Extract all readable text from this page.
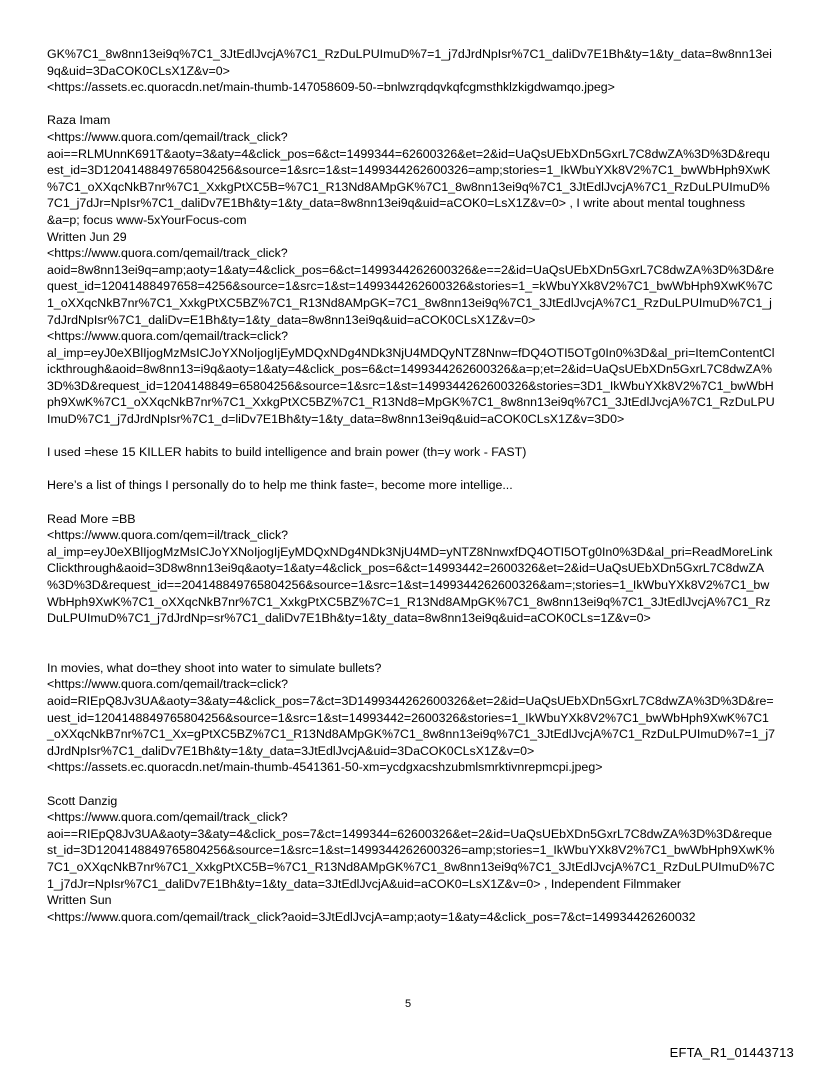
GK%7C1_8w8nn13ei9q%7C1_3JtEdlJvcjA%7C1_RzDuLPUImuD%7=1_j7dJrdNpIsr%7C1_daliDv7E1Bh&ty=1&ty_data=8w8nn13ei9q&uid=3DaCOK0CLsX1Z&v=0>

<https://assets.ec.quoracdn.net/main-thumb-147058609-50-=bnlwzrqdqvkqfcgmsthklzkigdwamqo.jpeg>

Raza Imam

<https://www.quora.com/qemail/track_click?aoi==RLMUnnK691T&aoty=3&aty=4&click_pos=6&ct=1499344=62600326&et=2&id=UaQsUEbXDn5GxrL7C8dwZA%3D%3D&request_id=3D1204148849765804256&source=1&src=1&st=1499344262600326=amp;stories=1_IkWbuYXk8V2%7C1_bwWbHph9XwK%7C1_oXXqcNkB7nr%7C1_XxkgPtXC5B=%7C1_R13Nd8AMpGK%7C1_8w8nn13ei9q%7C1_3JtEdlJvcjA%7C1_RzDuLPUImuD%7C1_j7dJr=NpIsr%7C1_daliDv7E1Bh&ty=1&ty_data=8w8nn13ei9q&uid=aCOK0=LsX1Z&v=0> , I write about mental toughness &a=p; focus www-5xYourFocus-com

Written Jun 29

<https://www.quora.com/qemail/track_click?aoid=8w8nn13ei9q=amp;aoty=1&aty=4&click_pos=6&ct=1499344262600326&e==2&id=UaQsUEbXDn5GxrL7C8dwZA%3D%3D&request_id=12041488497658=4256&source=1&src=1&st=1499344262600326&stories=1_=kWbuYXk8V2%7C1_bwWbHph9XwK%7C1_oXXqcNkB7nr%7C1_XxkgPtXC5BZ%7C1_R13Nd8AMpGK=7C1_8w8nn13ei9q%7C1_3JtEdlJvcjA%7C1_RzDuLPUImuD%7C1_j7dJrdNpIsr%7C1_daliDv=E1Bh&ty=1&ty_data=8w8nn13ei9q&uid=aCOK0CLsX1Z&v=0>

<https://www.quora.com/qemail/track=click?al_imp=eyJ0eXBlIjogMzMsICJoYXNoIjogIjEyMDQxNDg4NDk3NjU4MDQyNTZ8Nnw=fDQ4OTI5OTg0In0%3D&al_pri=ItemContentClickthrough&aoid=8w8nn13=i9q&aoty=1&aty=4&click_pos=6&ct=1499344262600326&a=p;et=2&id=UaQsUEbXDn5GxrL7C8dwZA%3D%3D&request_id=1204148849=65804256&source=1&src=1&st=1499344262600326&stories=3D1_IkWbuYXk8V2%7C1_bwWbHph9XwK%7C1_oXXqcNkB7nr%7C1_XxkgPtXC5BZ%7C1_R13Nd8=MpGK%7C1_8w8nn13ei9q%7C1_3JtEdlJvcjA%7C1_RzDuLPUImuD%7C1_j7dJrdNpIsr%7C1_d=liDv7E1Bh&ty=1&ty_data=8w8nn13ei9q&uid=aCOK0CLsX1Z&v=3D0>

I used =hese 15 KILLER habits to build intelligence and brain power (th=y work - FAST)

Here’s a list of things I personally do to help me think faste=, become more intellige...

Read More =BB

<https://www.quora.com/qem=il/track_click?al_imp=eyJ0eXBlIjogMzMsICJoYXNoIjogIjEyMDQxNDg4NDk3NjU4MD=yNTZ8NnwxfDQ4OTI5OTg0In0%3D&al_pri=ReadMoreLinkClickthrough&aoid=3D8w8nn13ei9q&aoty=1&aty=4&click_pos=6&ct=14993442=2600326&et=2&id=UaQsUEbXDn5GxrL7C8dwZA%3D%3D&request_id==204148849765804256&source=1&src=1&st=1499344262600326&am=;stories=1_IkWbuYXk8V2%7C1_bwWbHph9XwK%7C1_oXXqcNkB7nr%7C1_XxkgPtXC5BZ%7C=1_R13Nd8AMpGK%7C1_8w8nn13ei9q%7C1_3JtEdlJvcjA%7C1_RzDuLPUImuD%7C1_j7dJrdNp=sr%7C1_daliDv7E1Bh&ty=1&ty_data=8w8nn13ei9q&uid=aCOK0CLs=1Z&v=0>

In movies, what do=they shoot into water to simulate bullets?

<https://www.quora.com/qemail/track=click?aoid=RIEpQ8Jv3UA&aoty=3&aty=4&click_pos=7&ct=3D1499344262600326&et=2&id=UaQsUEbXDn5GxrL7C8dwZA%3D%3D&re=uest_id=1204148849765804256&source=1&src=1&st=14993442=2600326&stories=1_IkWbuYXk8V2%7C1_bwWbHph9XwK%7C1_oXXqcNkB7nr%7C1_Xx=gPtXC5BZ%7C1_R13Nd8AMpGK%7C1_8w8nn13ei9q%7C1_3JtEdlJvcjA%7C1_RzDuLPUImuD%7=1_j7dJrdNpIsr%7C1_daliDv7E1Bh&ty=1&ty_data=3JtEdlJvcjA&uid=3DaCOK0CLsX1Z&v=0>

<https://assets.ec.quoracdn.net/main-thumb-4541361-50-xm=ycdgxacshzubmlsmrktivnrepmcpi.jpeg>

Scott Danzig

<https://www.quora.com/qemail/track_click?aoi==RIEpQ8Jv3UA&aoty=3&aty=4&click_pos=7&ct=1499344=62600326&et=2&id=UaQsUEbXDn5GxrL7C8dwZA%3D%3D&request_id=3D1204148849765804256&source=1&src=1&st=1499344262600326=amp;stories=1_IkWbuYXk8V2%7C1_bwWbHph9XwK%7C1_oXXqcNkB7nr%7C1_XxkgPtXC5B=%7C1_R13Nd8AMpGK%7C1_8w8nn13ei9q%7C1_3JtEdlJvcjA%7C1_RzDuLPUImuD%7C1_j7dJr=NpIsr%7C1_daliDv7E1Bh&ty=1&ty_data=3JtEdlJvcjA&uid=aCOK0=LsX1Z&v=0> , Independent Filmmaker

Written Sun

<https://www.quora.com/qemail/track_click?aoid=3JtEdlJvcjA=amp;aoty=1&aty=4&click_pos=7&ct=149934426260032

5
EFTA_R1_01443713
